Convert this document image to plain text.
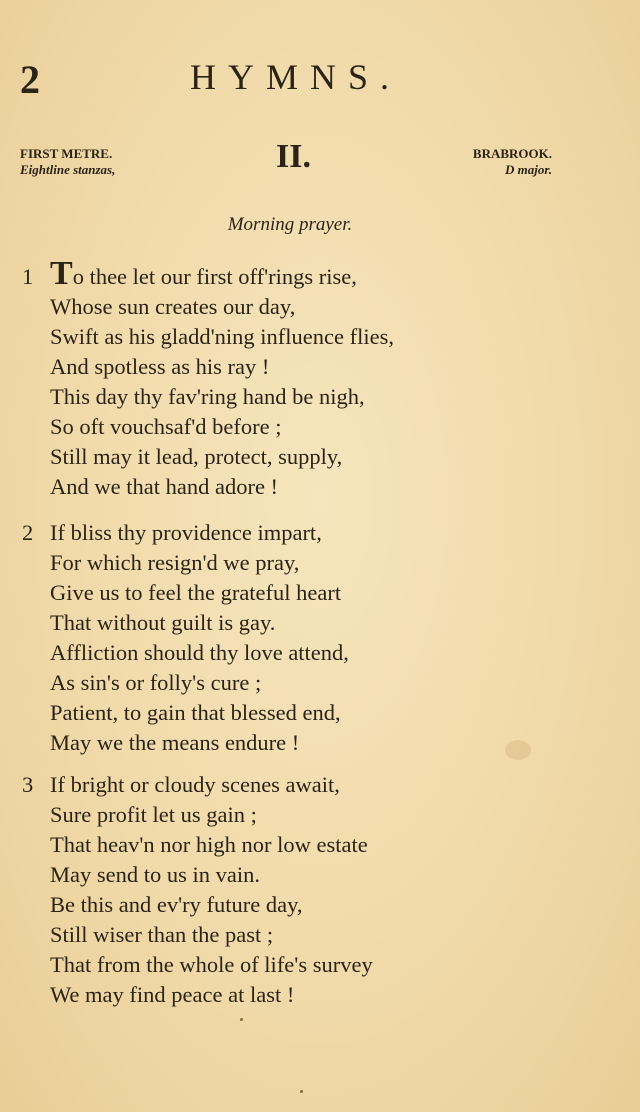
2	HYMNS.
FIRST METRE.
Eightline stanzas,	II.	BRABROOK.
D major.
Morning prayer.
1 To thee let our first off'rings rise,
Whose sun creates our day,
Swift as his gladd'ning influence flies,
And spotless as his ray !
This day thy fav'ring hand be nigh,
So oft vouchsaf'd before ;
Still may it lead, protect, supply,
And we that hand adore !
2 If bliss thy providence impart,
For which resign'd we pray,
Give us to feel the grateful heart
That without guilt is gay.
Affliction should thy love attend,
As sin's or folly's cure ;
Patient, to gain that blessed end,
May we the means endure !
3 If bright or cloudy scenes await,
Sure profit let us gain ;
That heav'n nor high nor low estate
May send to us in vain.
Be this and ev'ry future day,
Still wiser than the past ;
That from the whole of life's survey
We may find peace at last !
